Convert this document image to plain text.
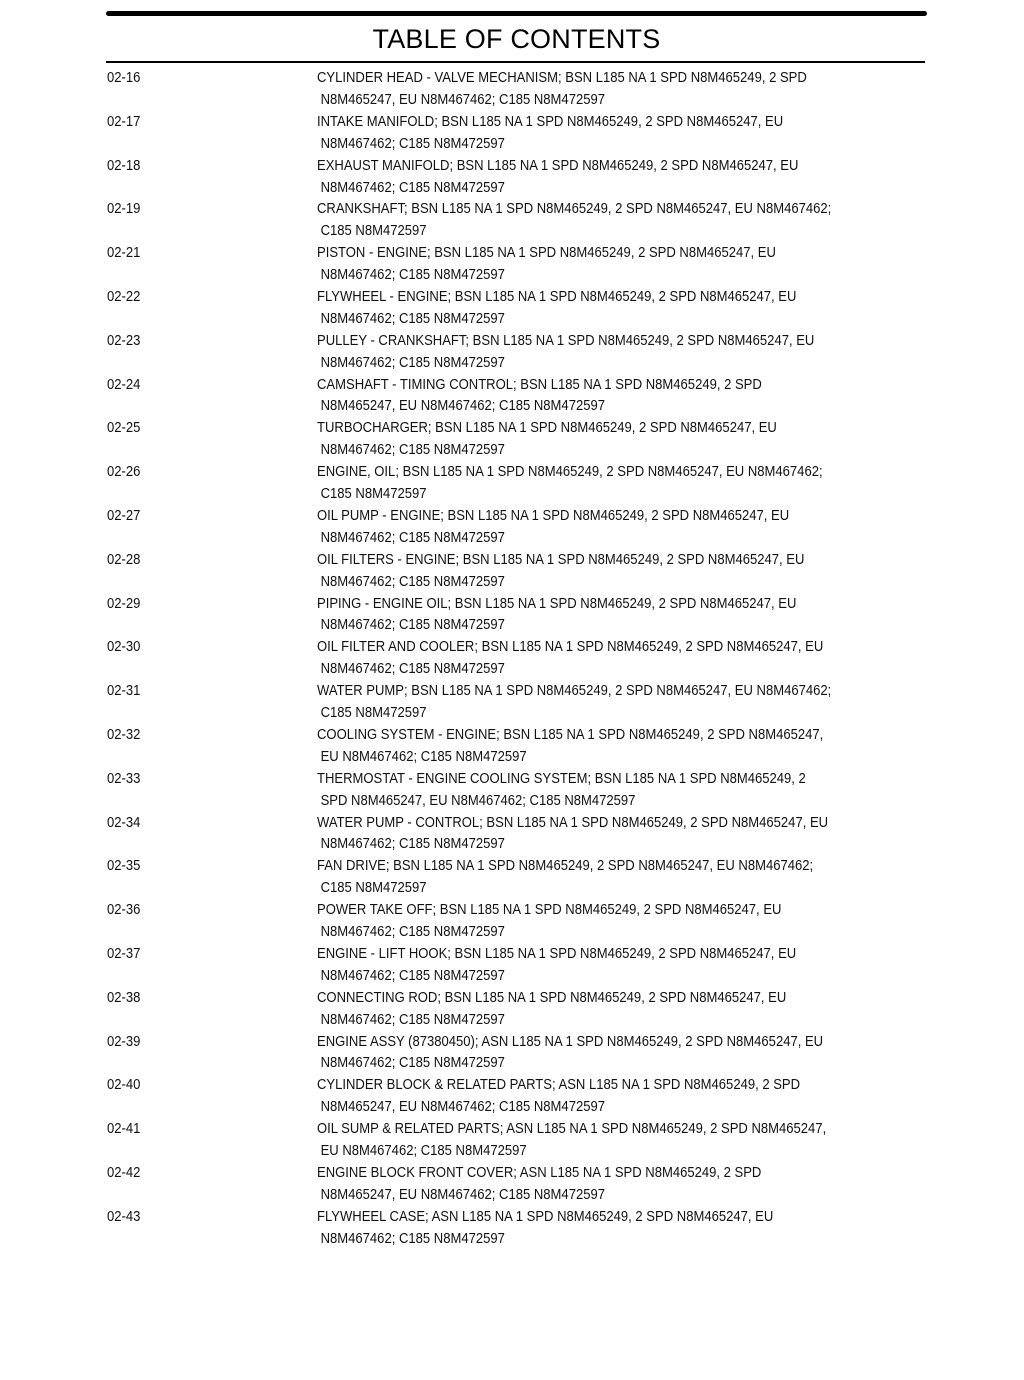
TABLE OF CONTENTS
02-16	CYLINDER HEAD - VALVE MECHANISM; BSN L185 NA 1 SPD N8M465249, 2 SPD
N8M465247, EU N8M467462; C185 N8M472597
02-17	INTAKE MANIFOLD; BSN L185 NA 1 SPD N8M465249, 2 SPD N8M465247, EU
N8M467462; C185 N8M472597
02-18	EXHAUST MANIFOLD; BSN L185 NA 1 SPD N8M465249, 2 SPD N8M465247, EU
N8M467462; C185 N8M472597
02-19	CRANKSHAFT; BSN L185 NA 1 SPD N8M465249, 2 SPD N8M465247, EU N8M467462;
C185 N8M472597
02-21	PISTON - ENGINE; BSN L185 NA 1 SPD N8M465249, 2 SPD N8M465247, EU
N8M467462; C185 N8M472597
02-22	FLYWHEEL - ENGINE; BSN L185 NA 1 SPD N8M465249, 2 SPD N8M465247, EU
N8M467462; C185 N8M472597
02-23	PULLEY - CRANKSHAFT; BSN L185 NA 1 SPD N8M465249, 2 SPD N8M465247, EU
N8M467462; C185 N8M472597
02-24	CAMSHAFT - TIMING CONTROL; BSN L185 NA 1 SPD N8M465249, 2 SPD
N8M465247, EU N8M467462; C185 N8M472597
02-25	TURBOCHARGER; BSN L185 NA 1 SPD N8M465249, 2 SPD N8M465247, EU
N8M467462; C185 N8M472597
02-26	ENGINE, OIL; BSN L185 NA 1 SPD N8M465249, 2 SPD N8M465247, EU N8M467462;
C185 N8M472597
02-27	OIL PUMP - ENGINE; BSN L185 NA 1 SPD N8M465249, 2 SPD N8M465247, EU
N8M467462; C185 N8M472597
02-28	OIL FILTERS - ENGINE; BSN L185 NA 1 SPD N8M465249, 2 SPD N8M465247, EU
N8M467462; C185 N8M472597
02-29	PIPING - ENGINE OIL; BSN L185 NA 1 SPD N8M465249, 2 SPD N8M465247, EU
N8M467462; C185 N8M472597
02-30	OIL FILTER AND COOLER; BSN L185 NA 1 SPD N8M465249, 2 SPD N8M465247, EU
N8M467462; C185 N8M472597
02-31	WATER PUMP; BSN L185 NA 1 SPD N8M465249, 2 SPD N8M465247, EU N8M467462;
C185 N8M472597
02-32	COOLING SYSTEM - ENGINE; BSN L185 NA 1 SPD N8M465249, 2 SPD N8M465247,
EU N8M467462; C185 N8M472597
02-33	THERMOSTAT - ENGINE COOLING SYSTEM; BSN L185 NA 1 SPD N8M465249, 2
SPD N8M465247, EU N8M467462; C185 N8M472597
02-34	WATER PUMP - CONTROL; BSN L185 NA 1 SPD N8M465249, 2 SPD N8M465247, EU
N8M467462; C185 N8M472597
02-35	FAN DRIVE; BSN L185 NA 1 SPD N8M465249, 2 SPD N8M465247, EU N8M467462;
C185 N8M472597
02-36	POWER TAKE OFF; BSN L185 NA 1 SPD N8M465249, 2 SPD N8M465247, EU
N8M467462; C185 N8M472597
02-37	ENGINE - LIFT HOOK; BSN L185 NA 1 SPD N8M465249, 2 SPD N8M465247, EU
N8M467462; C185 N8M472597
02-38	CONNECTING ROD; BSN L185 NA 1 SPD N8M465249, 2 SPD N8M465247, EU
N8M467462; C185 N8M472597
02-39	ENGINE ASSY (87380450); ASN L185 NA 1 SPD N8M465249, 2 SPD N8M465247, EU
N8M467462; C185 N8M472597
02-40	CYLINDER BLOCK & RELATED PARTS; ASN L185 NA 1 SPD N8M465249, 2 SPD
N8M465247, EU N8M467462; C185 N8M472597
02-41	OIL SUMP & RELATED PARTS; ASN L185 NA 1 SPD N8M465249, 2 SPD N8M465247,
EU N8M467462; C185 N8M472597
02-42	ENGINE BLOCK FRONT COVER; ASN L185 NA 1 SPD N8M465249, 2 SPD
N8M465247, EU N8M467462; C185 N8M472597
02-43	FLYWHEEL CASE; ASN L185 NA 1 SPD N8M465249, 2 SPD N8M465247, EU
N8M467462; C185 N8M472597
